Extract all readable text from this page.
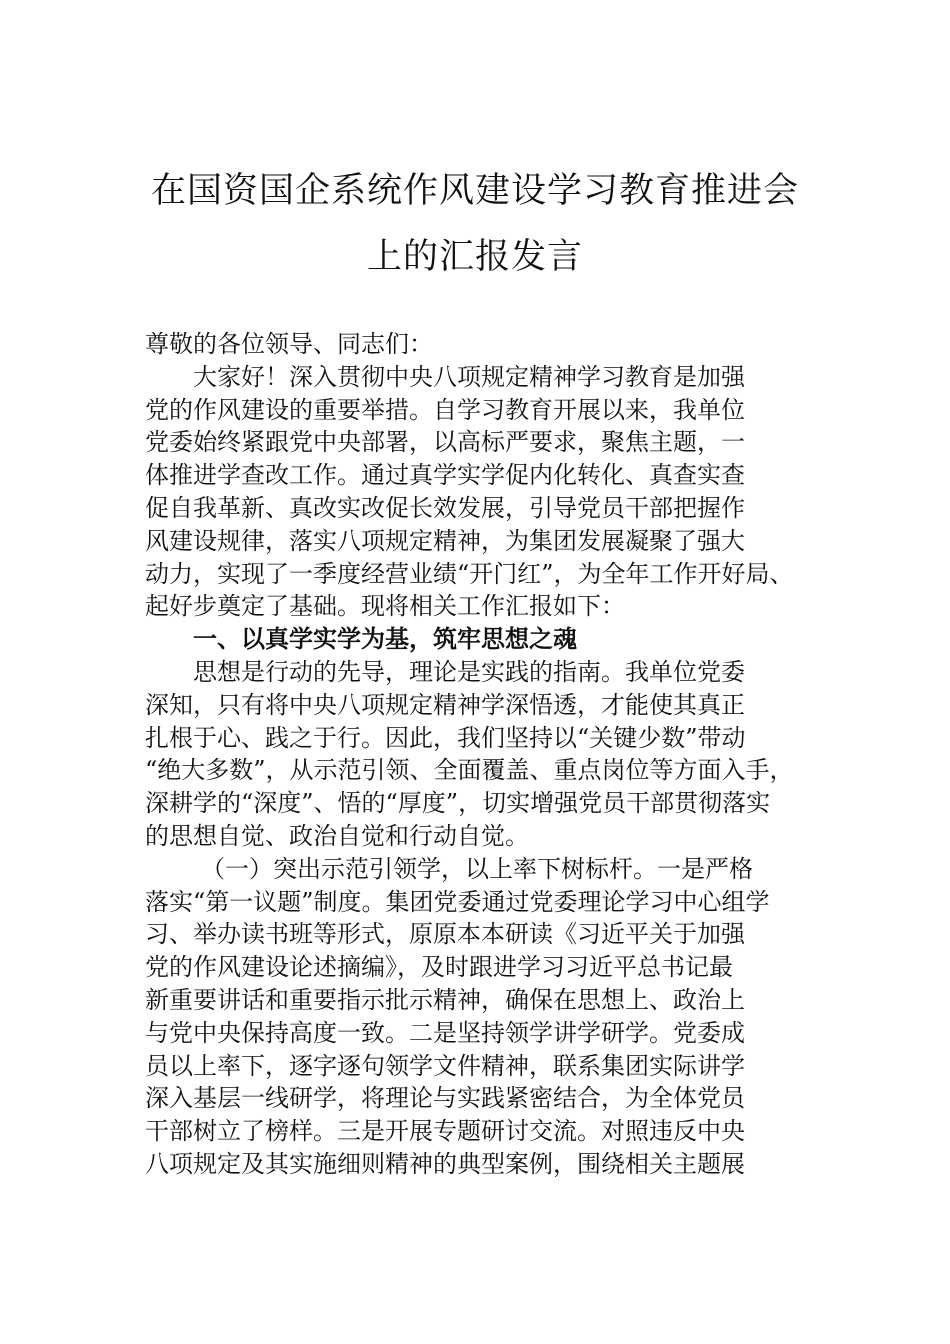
在国资国企系统作风建设学习教育推进会
上的汇报发言
尊敬的各位领导、同志们：
大家好！深入贯彻中央八项规定精神学习教育是加强
党的作风建设的重要举措。自学习教育开展以来，我单位
党委始终紧跟党中央部署，以高标严要求，聚焦主题，一
体推进学查改工作。通过真学实学促内化转化、真查实查
促自我革新、真改实改促长效发展，引导党员干部把握作
风建设规律，落实八项规定精神，为集团发展凝聚了强大
动力，实现了一季度经营业绩“开门红”，为全年工作开好局、
起好步奠定了基础。现将相关工作汇报如下：
一、以真学实学为基，筑牢思想之魂
思想是行动的先导，理论是实践的指南。我单位党委
深知，只有将中央八项规定精神学深悟透，才能使其真正
扎根于心、践之于行。因此，我们坚持以“关键少数”带动
“绝大多数”，从示范引领、全面覆盖、重点岗位等方面入手，
深耕学的“深度”、悟的“厚度”，切实增强党员干部贯彻落实
的思想自觉、政治自觉和行动自觉。
（一）突出示范引领学，以上率下树标杆。一是严格
落实“第一议题”制度。集团党委通过党委理论学习中心组学
习、举办读书班等形式，原原本本研读《习近平关于加强
党的作风建设论述摘编》，及时跟进学习习近平总书记最
新重要讲话和重要指示批示精神，确保在思想上、政治上
与党中央保持高度一致。二是坚持领学讲学研学。党委成
员以上率下，逐字逐句领学文件精神，联系集团实际讲学
深入基层一线研学，将理论与实践紧密结合，为全体党员
干部树立了榜样。三是开展专题研讨交流。对照违反中央
八项规定及其实施细则精神的典型案例，围绕相关主题展
